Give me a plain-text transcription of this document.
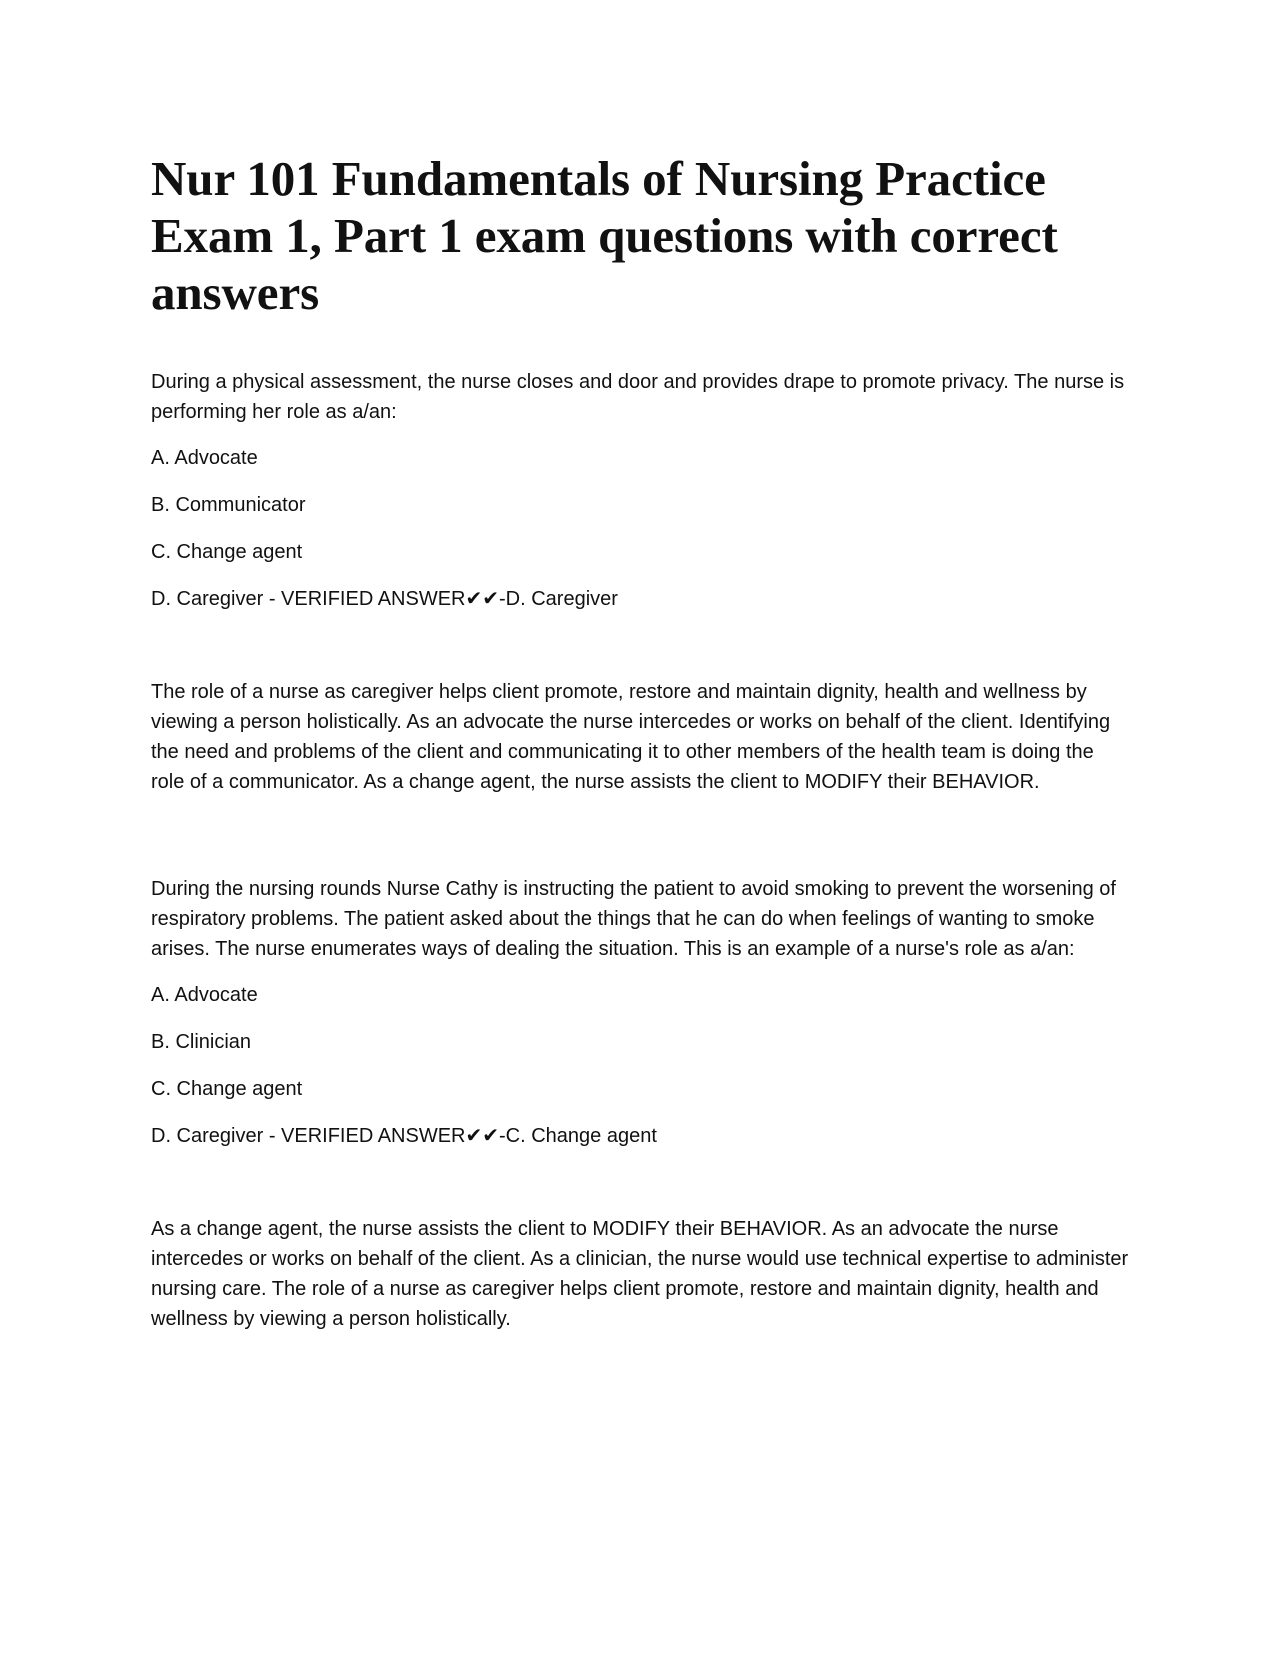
Nur 101 Fundamentals of Nursing Practice Exam 1, Part 1 exam questions with correct answers

During a physical assessment, the nurse closes and door and provides drape to promote privacy. The nurse is performing her role as a/an:

A. Advocate

B. Communicator

C. Change agent

D. Caregiver - VERIFIED ANSWER✔✔-D. Caregiver

The role of a nurse as caregiver helps client promote, restore and maintain dignity, health and wellness by viewing a person holistically. As an advocate the nurse intercedes or works on behalf of the client. Identifying the need and problems of the client and communicating it to other members of the health team is doing the role of a communicator. As a change agent, the nurse assists the client to MODIFY their BEHAVIOR.

During the nursing rounds Nurse Cathy is instructing the patient to avoid smoking to prevent the worsening of respiratory problems. The patient asked about the things that he can do when feelings of wanting to smoke arises. The nurse enumerates ways of dealing the situation. This is an example of a nurse's role as a/an:

A. Advocate

B. Clinician

C. Change agent

D. Caregiver - VERIFIED ANSWER✔✔-C. Change agent

As a change agent, the nurse assists the client to MODIFY their BEHAVIOR. As an advocate the nurse intercedes or works on behalf of the client. As a clinician, the nurse would use technical expertise to administer nursing care. The role of a nurse as caregiver helps client promote, restore and maintain dignity, health and wellness by viewing a person holistically.
